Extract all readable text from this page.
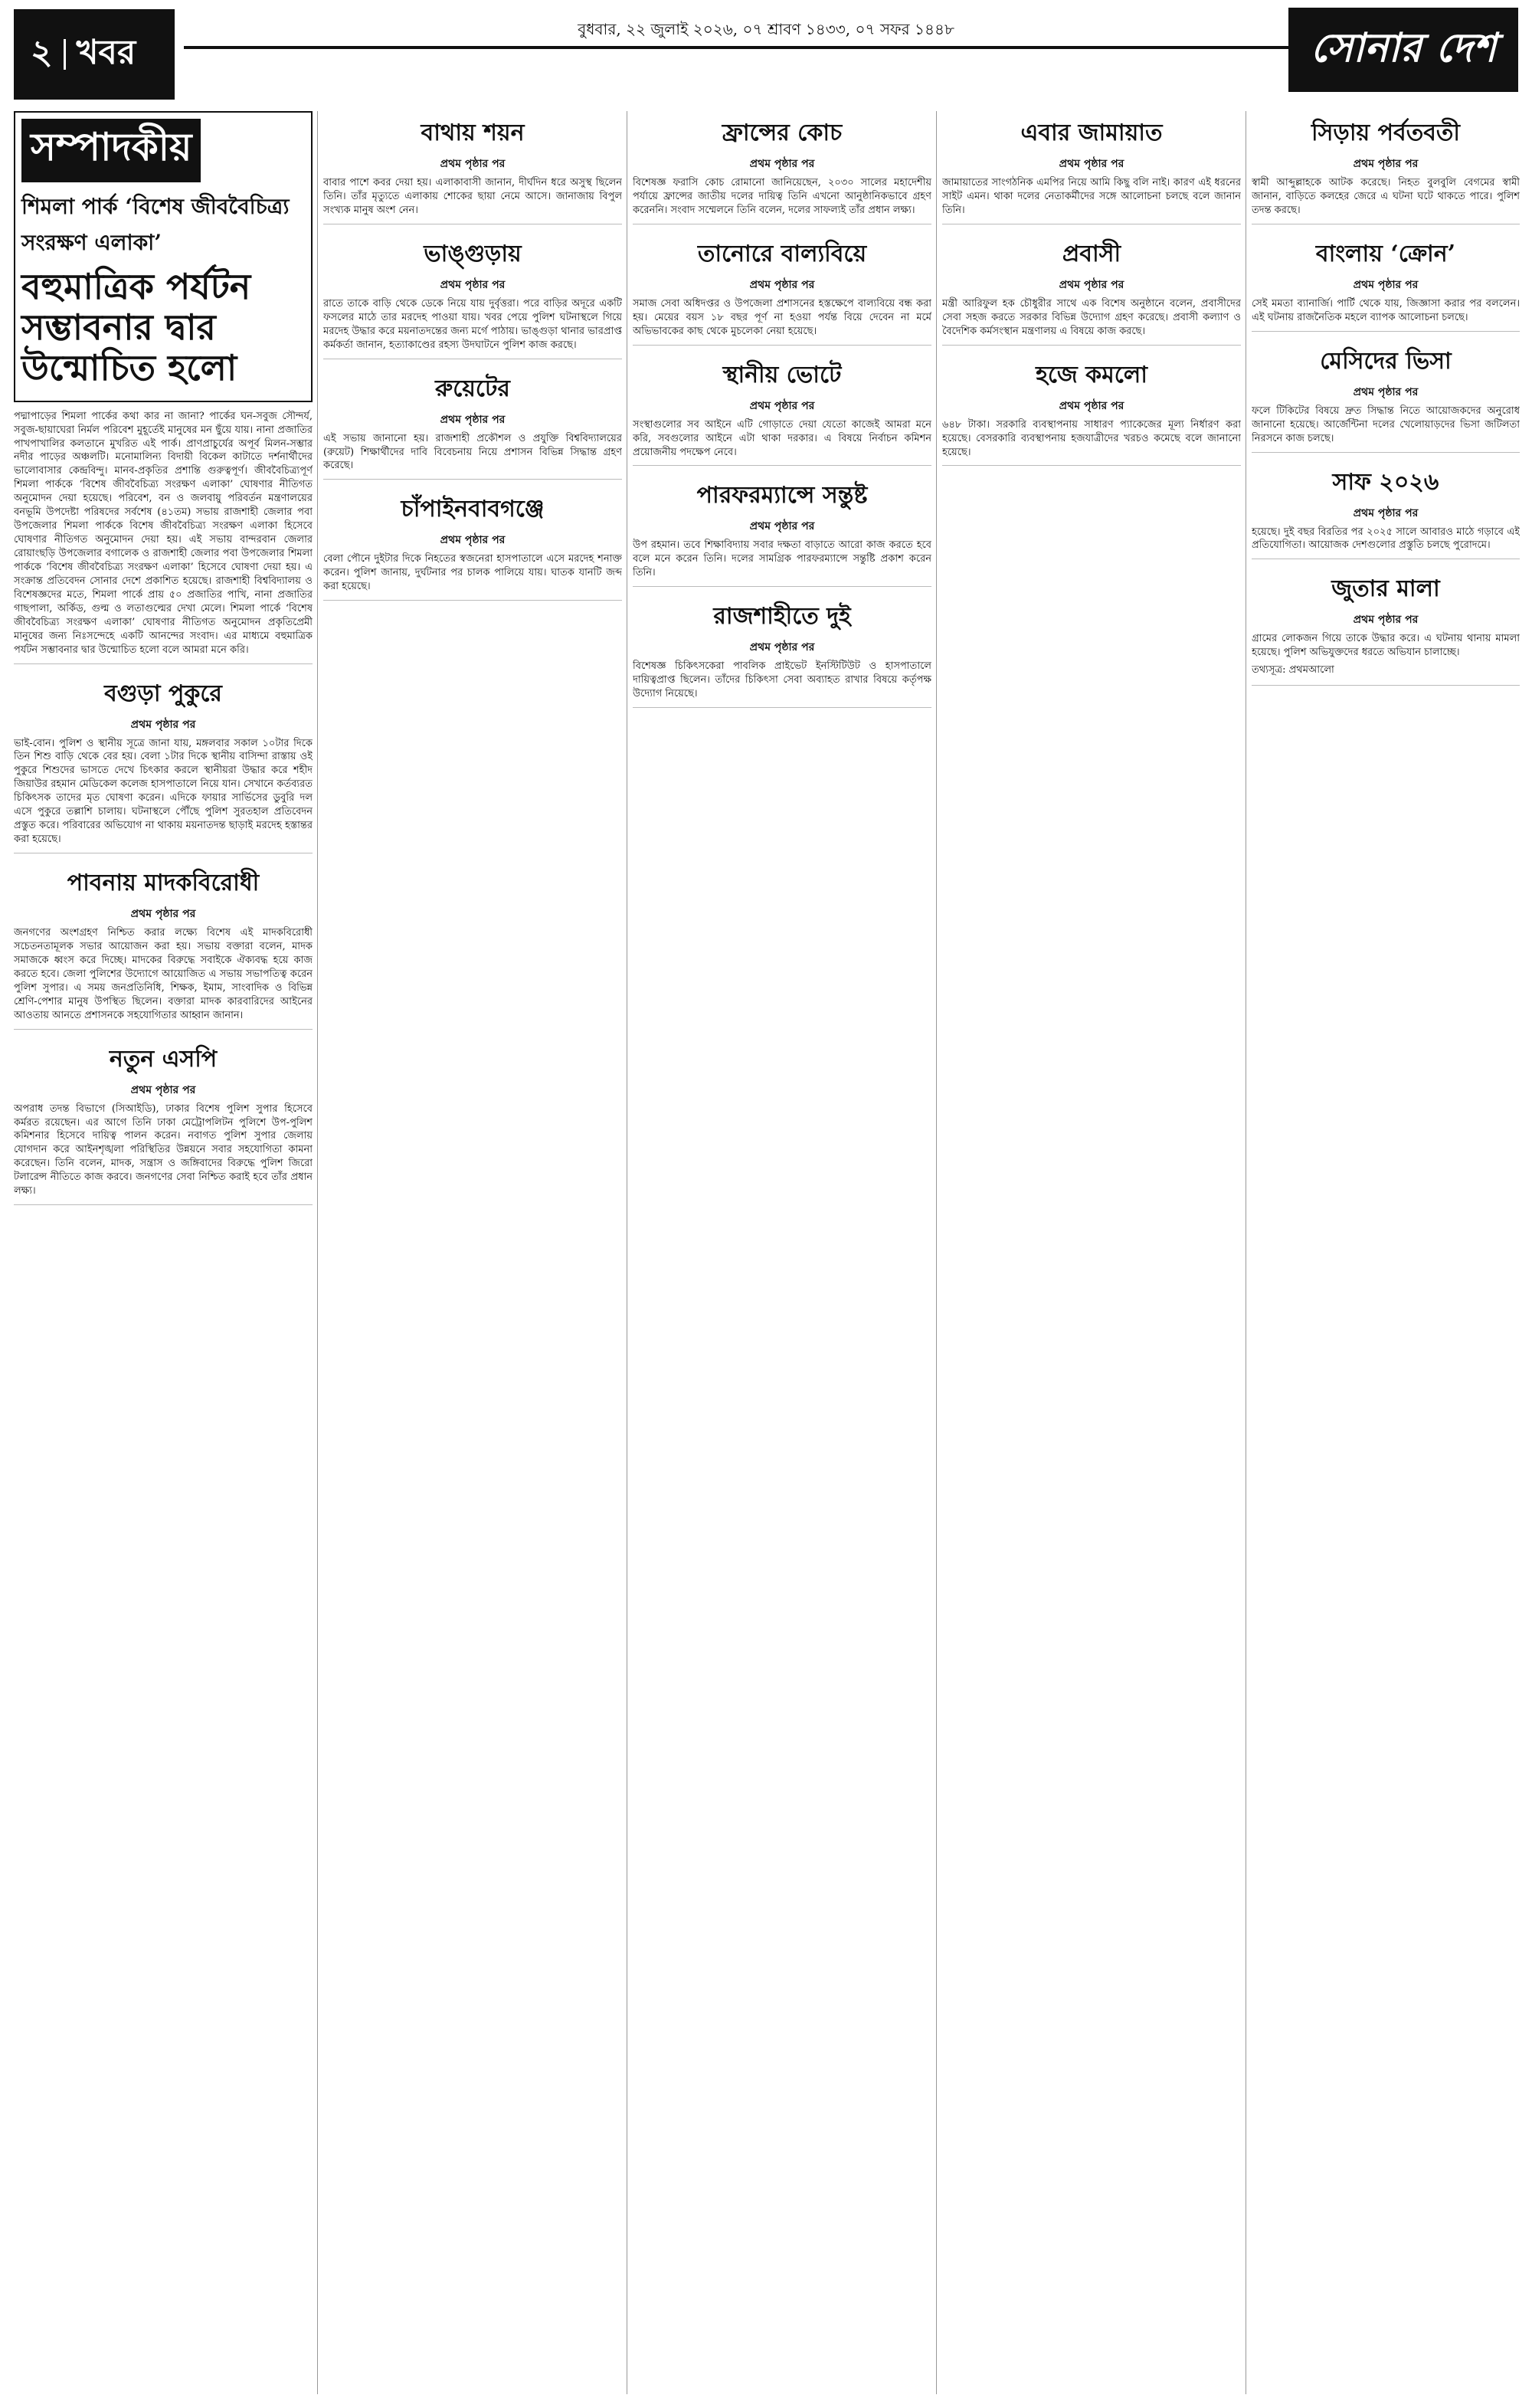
২ খবর
বুধবার, ২২ জুলাই ২০২৬, ০৭ শ্রাবণ ১৪৩৩, ০৭ সফর ১৪৪৮	সোনার দেশ
সম্পাদকীয়
শিমলা পার্ক ‘বিশেষ জীববৈচিত্র্য সংরক্ষণ এলাকা’
বহুমাত্রিক পর্যটন সম্ভাবনার দ্বার উন্মোচিত হলো

পদ্মাপাড়ের শিমলা পার্কের কথা কার না জানা? পার্কের ঘন-সবুজ সৌন্দর্য, সবুজ-ছায়াঘেরা নির্মল পরিবেশ মুহূর্তেই মানুষের মন ছুঁয়ে যায়। নানা প্রজাতির পাখপাখালির কলতানে মুখরিত এই পার্ক। প্রাণপ্রাচুর্যের অপূর্ব মিলন-সম্ভার নদীর পাড়ের অঞ্চলটি। মনোমালিন্য বিদায়ী বিকেল কাটাতে দর্শনার্থীদের ভালোবাসার কেন্দ্রবিন্দু। মানব-প্রকৃতির প্রশান্তি গুরুত্বপূর্ণ। জীববৈচিত্র্যপূর্ণ শিমলা পার্ককে ‘বিশেষ জীববৈচিত্র্য সংরক্ষণ এলাকা’ ঘোষণার নীতিগত অনুমোদন দেয়া হয়েছে। পরিবেশ, বন ও জলবায়ু পরিবর্তন মন্ত্রণালয়ের বনভূমি উপদেষ্টা পরিষদের সর্বশেষ (৪১তম) সভায় রাজশাহী জেলার পবা উপজেলার শিমলা পার্ককে বিশেষ জীববৈচিত্র্য সংরক্ষণ এলাকা হিসেবে ঘোষণার নীতিগত অনুমোদন দেয়া হয়। এই সভায় বান্দরবান জেলার রোয়াংছড়ি উপজেলার বগালেক ও রাজশাহী জেলার পবা উপজেলার শিমলা পার্ককে ‘বিশেষ জীববৈচিত্র্য সংরক্ষণ এলাকা’ হিসেবে ঘোষণা দেয়া হয়। এ সংক্রান্ত প্রতিবেদন সোনার দেশে প্রকাশিত হয়েছে। রাজশাহী বিশ্ববিদ্যালয় ও বিশেষজ্ঞদের মতে, শিমলা পার্কে প্রায় ৫০ প্রজাতির পাখি, নানা প্রজাতির গাছপালা, অর্কিড, গুল্ম ও লতাগুল্মের দেখা মেলে। শিমলা পার্কে ‘বিশেষ জীববৈচিত্র্য সংরক্ষণ এলাকা’ ঘোষণার নীতিগত অনুমোদন প্রকৃতিপ্রেমী মানুষের জন্য নিঃসন্দেহে একটি আনন্দের সংবাদ। এর মাধ্যমে বহুমাত্রিক পর্যটন সম্ভাবনার দ্বার উন্মোচিত হলো বলে আমরা মনে করি।

বগুড়া পুকুরে
প্রথম পৃষ্ঠার পর

ভাই-বোন। পুলিশ ও স্থানীয় সূত্রে জানা যায়, মঙ্গলবার সকাল ১০টার দিকে তিন শিশু বাড়ি থেকে বের হয়। বেলা ১টার দিকে স্থানীয় বাসিন্দা রাস্তায় ওই পুকুরে শিশুদের ভাসতে দেখে চিৎকার করলে স্থানীয়রা উদ্ধার করে শহীদ জিয়াউর রহমান মেডিকেল কলেজ হাসপাতালে নিয়ে যান। সেখানে কর্তব্যরত চিকিৎসক তাদের মৃত ঘোষণা করেন। এদিকে ফায়ার সার্ভিসের ডুবুরি দল এসে পুকুরে তল্লাশি চালায়। ঘটনাস্থলে পৌঁছে পুলিশ সুরতহাল প্রতিবেদন প্রস্তুত করে। পরিবারের অভিযোগ না থাকায় ময়নাতদন্ত ছাড়াই মরদেহ হস্তান্তর করা হয়েছে।

পাবনায় মাদকবিরোধী
প্রথম পৃষ্ঠার পর

জনগণের অংশগ্রহণ নিশ্চিত করার লক্ষ্যে বিশেষ এই মাদকবিরোধী সচেতনতামূলক সভার আয়োজন করা হয়। সভায় বক্তারা বলেন, মাদক সমাজকে ধ্বংস করে দিচ্ছে। মাদকের বিরুদ্ধে সবাইকে ঐক্যবদ্ধ হয়ে কাজ করতে হবে। জেলা পুলিশের উদ্যোগে আয়োজিত এ সভায় সভাপতিত্ব করেন পুলিশ সুপার। এ সময় জনপ্রতিনিধি, শিক্ষক, ইমাম, সাংবাদিক ও বিভিন্ন শ্রেণি-পেশার মানুষ উপস্থিত ছিলেন। বক্তারা মাদক কারবারিদের আইনের আওতায় আনতে প্রশাসনকে সহযোগিতার আহ্বান জানান।

নতুন এসপি
প্রথম পৃষ্ঠার পর

অপরাধ তদন্ত বিভাগে (সিআইডি), ঢাকার বিশেষ পুলিশ সুপার হিসেবে কর্মরত রয়েছেন। এর আগে তিনি ঢাকা মেট্রোপলিটন পুলিশে উপ-পুলিশ কমিশনার হিসেবে দায়িত্ব পালন করেন। নবাগত পুলিশ সুপার জেলায় যোগদান করে আইনশৃঙ্খলা পরিস্থিতির উন্নয়নে সবার সহযোগিতা কামনা করেছেন। তিনি বলেন, মাদক, সন্ত্রাস ও জঙ্গিবাদের বিরুদ্ধে পুলিশ জিরো টলারেন্স নীতিতে কাজ করবে। জনগণের সেবা নিশ্চিত করাই হবে তাঁর প্রধান লক্ষ্য।

বাথায় শয়ন
প্রথম পৃষ্ঠার পর

বাবার পাশে কবর দেয়া হয়। এলাকাবাসী জানান, দীর্ঘদিন ধরে অসুস্থ ছিলেন তিনি। তাঁর মৃত্যুতে এলাকায় শোকের ছায়া নেমে আসে। জানাজায় বিপুল সংখ্যক মানুষ অংশ নেন।

ভাঙ্গুড়ায়
প্রথম পৃষ্ঠার পর

রাতে তাকে বাড়ি থেকে ডেকে নিয়ে যায় দুর্বৃত্তরা। পরে বাড়ির অদূরে একটি ফসলের মাঠে তার মরদেহ পাওয়া যায়। খবর পেয়ে পুলিশ ঘটনাস্থলে গিয়ে মরদেহ উদ্ধার করে ময়নাতদন্তের জন্য মর্গে পাঠায়। ভাঙ্গুড়া থানার ভারপ্রাপ্ত কর্মকর্তা জানান, হত্যাকাণ্ডের রহস্য উদঘাটনে পুলিশ কাজ করছে।

রুয়েটের
প্রথম পৃষ্ঠার পর

এই সভায় জানানো হয়। রাজশাহী প্রকৌশল ও প্রযুক্তি বিশ্ববিদ্যালয়ের (রুয়েট) শিক্ষার্থীদের দাবি বিবেচনায় নিয়ে প্রশাসন বিভিন্ন সিদ্ধান্ত গ্রহণ করেছে।

চাঁপাইনবাবগঞ্জে
প্রথম পৃষ্ঠার পর

বেলা পৌনে দুইটার দিকে নিহতের স্বজনেরা হাসপাতালে এসে মরদেহ শনাক্ত করেন। পুলিশ জানায়, দুর্ঘটনার পর চালক পালিয়ে যায়। ঘাতক যানটি জব্দ করা হয়েছে।

ফ্রান্সের কোচ
প্রথম পৃষ্ঠার পর

বিশেষজ্ঞ ফরাসি কোচ রোমানো জানিয়েছেন, ২০৩০ সালের মহাদেশীয় পর্যায়ে ফ্রান্সের জাতীয় দলের দায়িত্ব তিনি এখনো আনুষ্ঠানিকভাবে গ্রহণ করেননি। সংবাদ সম্মেলনে তিনি বলেন, দলের সাফল্যই তাঁর প্রধান লক্ষ্য।

তানোরে বাল্যবিয়ে
প্রথম পৃষ্ঠার পর

সমাজ সেবা অধিদপ্তর ও উপজেলা প্রশাসনের হস্তক্ষেপে বাল্যবিয়ে বন্ধ করা হয়। মেয়ের বয়স ১৮ বছর পূর্ণ না হওয়া পর্যন্ত বিয়ে দেবেন না মর্মে অভিভাবকের কাছ থেকে মুচলেকা নেয়া হয়েছে।

স্থানীয় ভোটে
প্রথম পৃষ্ঠার পর

সংস্থাগুলোর সব আইনে এটি গোড়াতে দেয়া যেতো কাজেই আমরা মনে করি, সবগুলোর আইনে এটা থাকা দরকার। এ বিষয়ে নির্বাচন কমিশন প্রয়োজনীয় পদক্ষেপ নেবে।

পারফরম্যান্সে সন্তুষ্ট
প্রথম পৃষ্ঠার পর

উপ রহমান। তবে শিক্ষাবিদ্যায় সবার দক্ষতা বাড়াতে আরো কাজ করতে হবে বলে মনে করেন তিনি। দলের সামগ্রিক পারফরম্যান্সে সন্তুষ্টি প্রকাশ করেন তিনি।

রাজশাহীতে দুই
প্রথম পৃষ্ঠার পর

বিশেষজ্ঞ চিকিৎসকেরা পাবলিক প্রাইভেট ইনস্টিটিউট ও হাসপাতালে দায়িত্বপ্রাপ্ত ছিলেন। তাঁদের চিকিৎসা সেবা অব্যাহত রাখার বিষয়ে কর্তৃপক্ষ উদ্যোগ নিয়েছে।

এবার জামায়াত
প্রথম পৃষ্ঠার পর

জামায়াতের সাংগঠনিক এমপির নিয়ে আমি কিছু বলি নাই। কারণ এই ধরনের সাইট এমন। থাকা দলের নেতাকর্মীদের সঙ্গে আলোচনা চলছে বলে জানান তিনি।

প্রবাসী
প্রথম পৃষ্ঠার পর

মন্ত্রী আরিফুল হক চৌধুরীর সাথে এক বিশেষ অনুষ্ঠানে বলেন, প্রবাসীদের সেবা সহজ করতে সরকার বিভিন্ন উদ্যোগ গ্রহণ করেছে। প্রবাসী কল্যাণ ও বৈদেশিক কর্মসংস্থান মন্ত্রণালয় এ বিষয়ে কাজ করছে।

হজে কমলো
প্রথম পৃষ্ঠার পর

৬৪৮ টাকা। সরকারি ব্যবস্থাপনায় সাধারণ প্যাকেজের মূল্য নির্ধারণ করা হয়েছে। বেসরকারি ব্যবস্থাপনায় হজযাত্রীদের খরচও কমেছে বলে জানানো হয়েছে।

সিড়ায় পর্বতবতী
প্রথম পৃষ্ঠার পর

স্বামী আব্দুল্লাহকে আটক করেছে। নিহত বুলবুলি বেগমের স্বামী জানান, বাড়িতে কলহের জেরে এ ঘটনা ঘটে থাকতে পারে। পুলিশ তদন্ত করছে।

বাংলায় ‘ক্রোন’
প্রথম পৃষ্ঠার পর

সেই মমতা ব্যানার্জি। পার্টি থেকে যায়, জিজ্ঞাসা করার পর বললেন। এই ঘটনায় রাজনৈতিক মহলে ব্যাপক আলোচনা চলছে।

মেসিদের ভিসা
প্রথম পৃষ্ঠার পর

ফলে টিকিটের বিষয়ে দ্রুত সিদ্ধান্ত নিতে আয়োজকদের অনুরোধ জানানো হয়েছে। আর্জেন্টিনা দলের খেলোয়াড়দের ভিসা জটিলতা নিরসনে কাজ চলছে।

সাফ ২০২৬
প্রথম পৃষ্ঠার পর

হয়েছে। দুই বছর বিরতির পর ২০২৫ সালে আবারও মাঠে গড়াবে এই প্রতিযোগিতা। আয়োজক দেশগুলোর প্রস্তুতি চলছে পুরোদমে।

জুতার মালা
প্রথম পৃষ্ঠার পর

গ্রামের লোকজন গিয়ে তাকে উদ্ধার করে। এ ঘটনায় থানায় মামলা হয়েছে। পুলিশ অভিযুক্তদের ধরতে অভিযান চালাচ্ছে।

তথ্যসূত্র: প্রথমআলো
